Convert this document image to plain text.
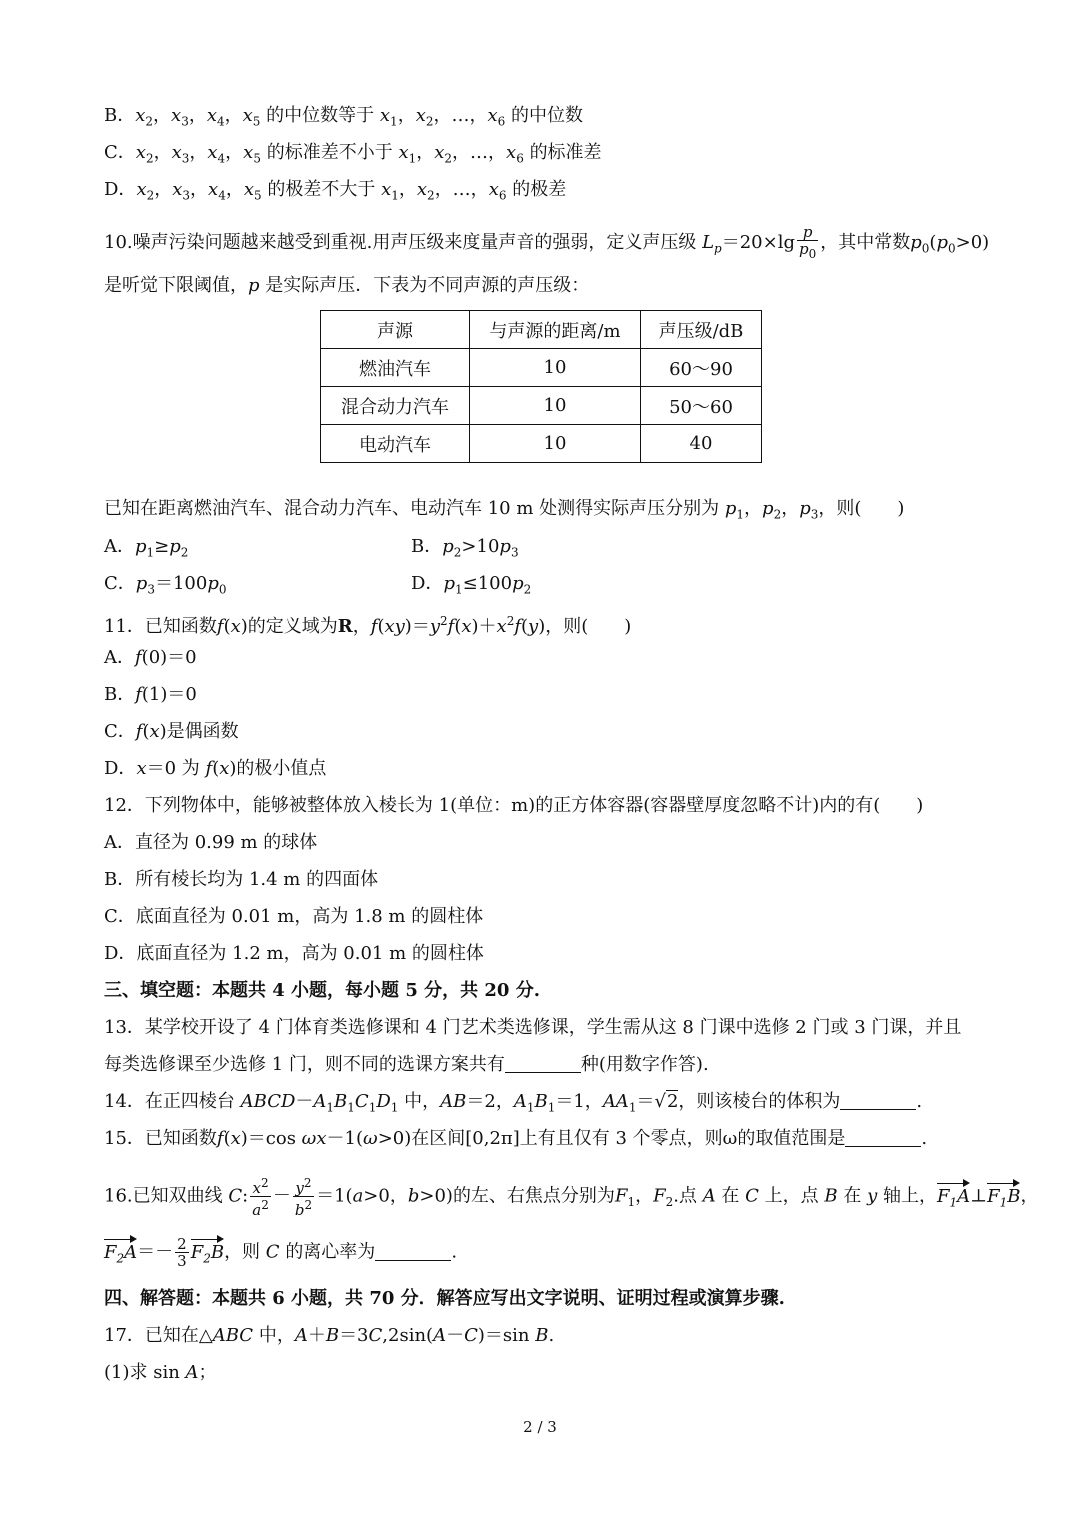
B．$x_2$，$x_3$，$x_4$，$x_5$ 的中位数等于 $x_1$，$x_2$，…，$x_6$ 的中位数
C．$x_2$，$x_3$，$x_4$，$x_5$ 的标准差不小于 $x_1$，$x_2$，…，$x_6$ 的标准差
D．$x_2$，$x_3$，$x_4$，$x_5$ 的极差不大于 $x_1$，$x_2$，…，$x_6$ 的极差
10.噪声污染问题越来越受到重视.用声压级来度量声音的强弱，定义声压级 $L_p=20\times\lg \frac{p}{p_0}$ ，其中常数$p_0(p_0>0)$
是听觉下限阈值，p 是实际声压．下表为不同声源的声压级：
声源	与声源的距离/m	声压级/dB
燃油汽车	10	60～90
混合动力汽车	10	50～60
电动汽车	10	40
已知在距离燃油汽车、混合动力汽车、电动汽车 10 m 处测得实际声压分别为 $p_1$，$p_2$，$p_3$，则(　　)
A．$p_1\ge p_2$	B．$p_2>10p_3$
C．$p_3=100p_0$	D．$p_1\le 100p_2$
11．已知函数f(x)的定义域为R，$f(xy)=y^2f(x)+x^2f(y)$，则(　　)
A．f(0)＝0
B．f(1)＝0
C．f(x)是偶函数
D．x＝0 为 f(x)的极小值点
12．下列物体中，能够被整体放入棱长为 1(单位：m)的正方体容器(容器壁厚度忽略不计)内的有(　　)
A．直径为 0.99 m 的球体
B．所有棱长均为 1.4 m 的四面体
C．底面直径为 0.01 m，高为 1.8 m 的圆柱体
D．底面直径为 1.2 m，高为 0.01 m 的圆柱体
三、填空题：本题共 4 小题，每小题 5 分，共 20 分.
13．某学校开设了 4 门体育类选修课和 4 门艺术类选修课，学生需从这 8 门课中选修 2 门或 3 门课，并且
每类选修课至少选修 1 门，则不同的选课方案共有	种(用数字作答).
14．在正四棱台 $ABCD-A_1B_1C_1D_1$ 中，AB＝2，$A_1B_1=1$，$AA_1=√2$，则该棱台的体积为	.
15．已知函数f(x)＝cos ωx－1(ω>0)在区间[0,2π]上有且仅有 3 个零点，则ω的取值范围是	.
16.已知双曲线 C: $\frac{x^2}{a^2} - \frac{y^2}{b^2} =1(a>0$，b>0)的左、右焦点分别为$F_1$，$F_2$.点 A 在 C 上，点 B 在 y 轴上，$F_1A\perp F_1B$，
$F_2A=- \frac{2}{3} F_2B$，则 C 的离心率为	.
四、解答题：本题共 6 小题，共 70 分．解答应写出文字说明、证明过程或演算步骤.
17．已知在△ABC 中，A＋B＝3C,2sin(A－C)＝sin B.
(1)求 sin A；
2 / 3
